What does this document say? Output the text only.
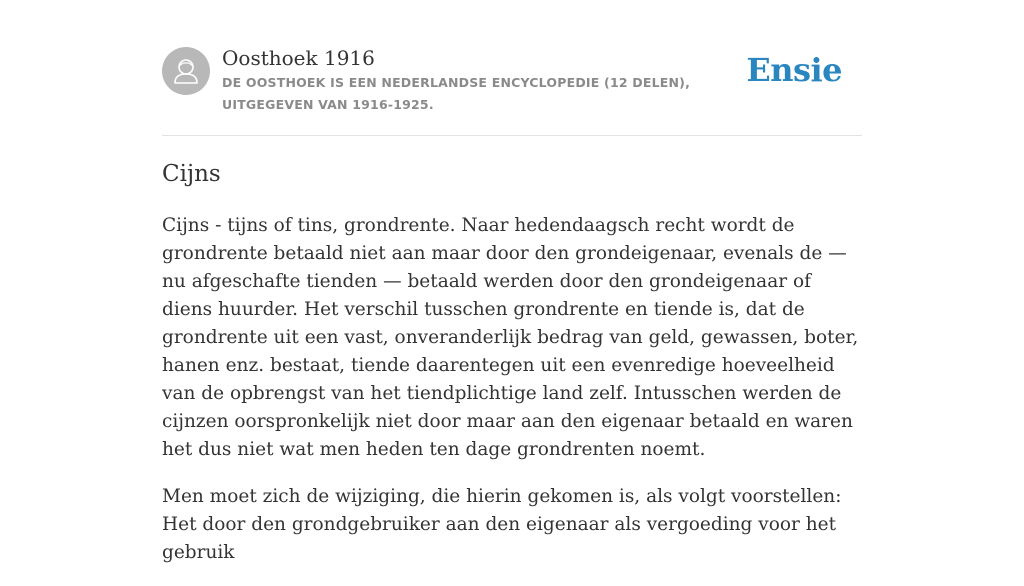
Oosthoek 1916
DE OOSTHOEK IS EEN NEDERLANDSE ENCYCLOPEDIE (12 DELEN), UITGEGEVEN VAN 1916-1925.
Ensie
Cijns

Cijns - tijns of tins, grondrente. Naar hedendaagsch recht wordt de grondrente betaald niet aan maar door den grondeigenaar, evenals de — nu afgeschafte tienden — betaald werden door den grondeigenaar of diens huurder. Het verschil tusschen grondrente en tiende is, dat de grondrente uit een vast, onveranderlijk bedrag van geld, gewassen, boter, hanen enz. bestaat, tiende daarentegen uit een evenredige hoeveelheid van de opbrengst van het tiendplichtige land zelf. Intusschen werden de cijnzen oorspronkelijk niet door maar aan den eigenaar betaald en waren het dus niet wat men heden ten dage grondrenten noemt.

Men moet zich de wijziging, die hierin gekomen is, als volgt voorstellen: Het door den grondgebruiker aan den eigenaar als vergoeding voor het gebruik
